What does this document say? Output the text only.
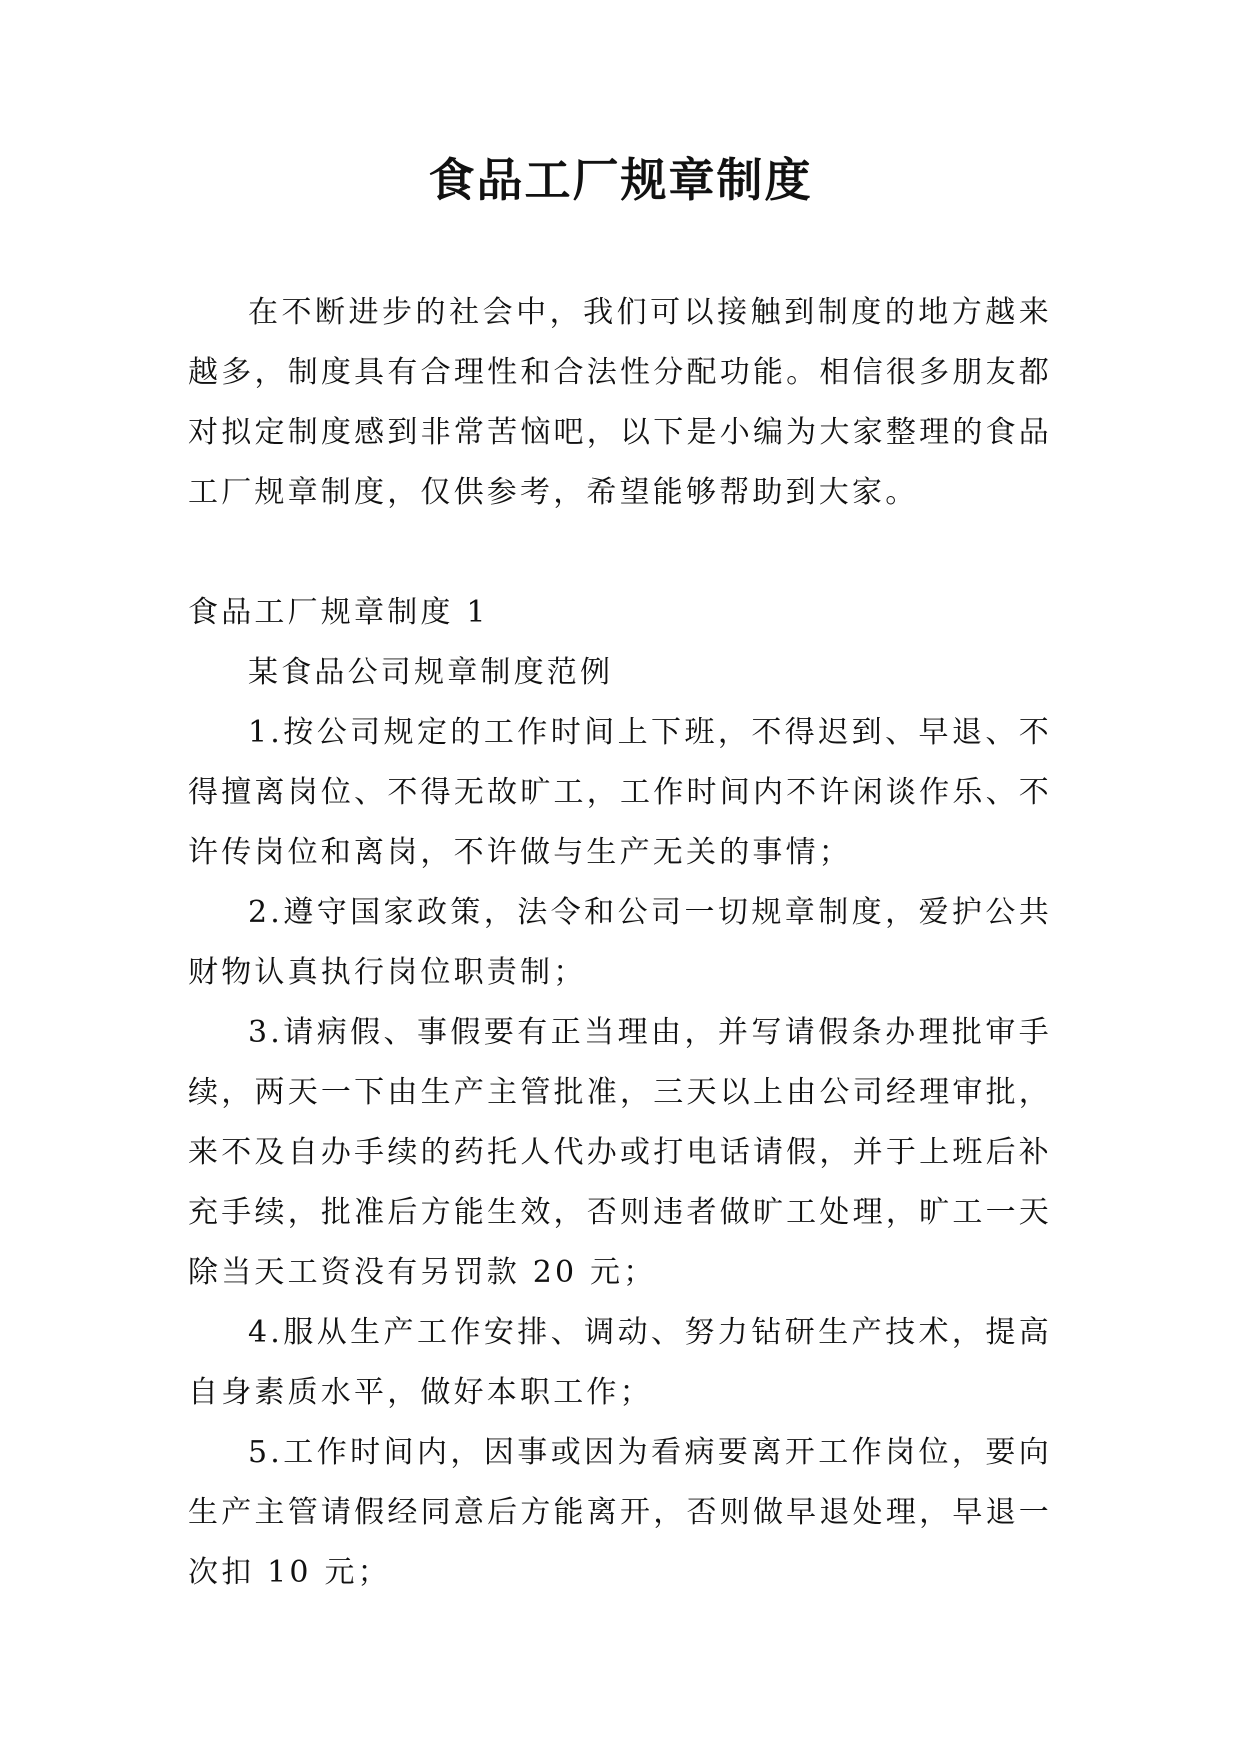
食品工厂规章制度

在不断进步的社会中，我们可以接触到制度的地方越来越多，制度具有合理性和合法性分配功能。相信很多朋友都对拟定制度感到非常苦恼吧，以下是小编为大家整理的食品工厂规章制度，仅供参考，希望能够帮助到大家。

食品工厂规章制度 1

某食品公司规章制度范例

1.按公司规定的工作时间上下班，不得迟到、早退、不得擅离岗位、不得无故旷工，工作时间内不许闲谈作乐、不许传岗位和离岗，不许做与生产无关的事情；

2.遵守国家政策，法令和公司一切规章制度，爱护公共财物认真执行岗位职责制；

3.请病假、事假要有正当理由，并写请假条办理批审手续，两天一下由生产主管批准，三天以上由公司经理审批，来不及自办手续的药托人代办或打电话请假，并于上班后补充手续，批准后方能生效，否则违者做旷工处理，旷工一天除当天工资没有另罚款 20 元；

4.服从生产工作安排、调动、努力钻研生产技术，提高自身素质水平，做好本职工作；

5.工作时间内，因事或因为看病要离开工作岗位，要向生产主管请假经同意后方能离开，否则做早退处理，早退一次扣 10 元；
